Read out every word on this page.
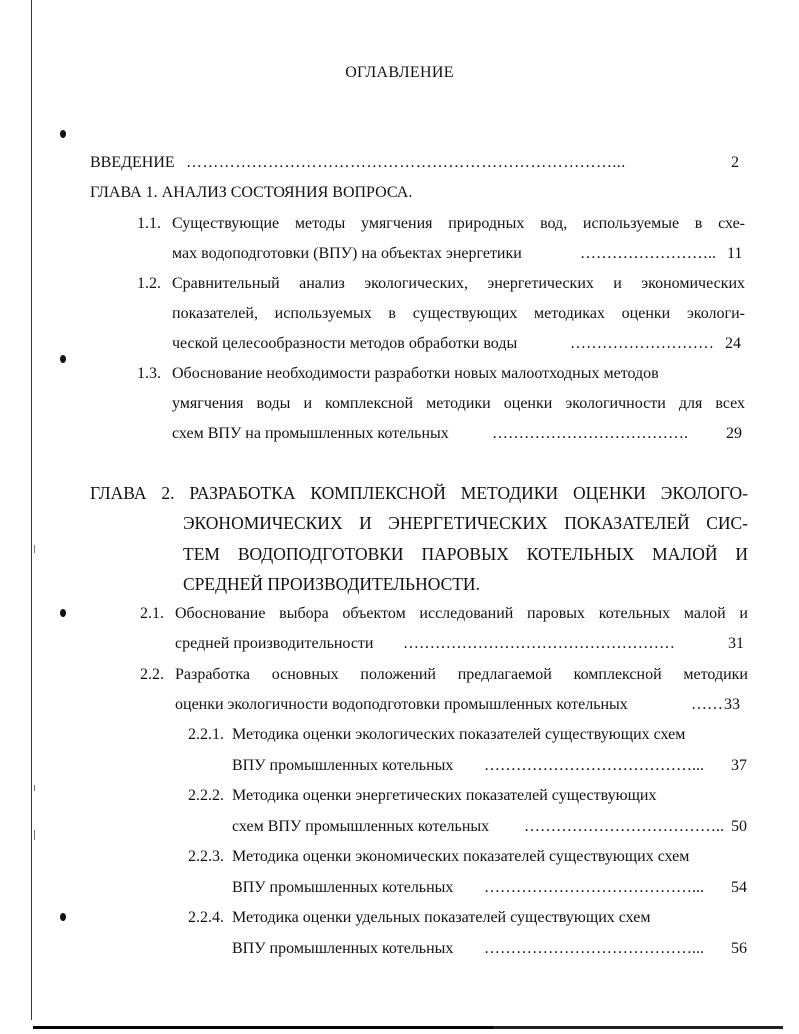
ОГЛАВЛЕНИЕ
ВВЕДЕНИЕ ……………………………………………………………………...	2
ГЛАВА 1. АНАЛИЗ СОСТОЯНИЯ ВОПРОСА.
1.1. Существующие методы умягчения природных вод, используемые в схе-
мах водоподготовки (ВПУ) на объектах энергетики	…………………….. 11
1.2. Сравнительный анализ экологических, энергетических и экономических
показателей, используемых в существующих методиках оценки экологи-
ческой целесообразности методов обработки воды	……………………… 24
1.3. Обоснование необходимости разработки новых малоотходных методов
умягчения воды и комплексной методики оценки экологичности для всех
схем ВПУ на промышленных котельных	………………………………. 29
ГЛАВА 2. РАЗРАБОТКА КОМПЛЕКСНОЙ МЕТОДИКИ ОЦЕНКИ ЭКОЛОГО-
ЭКОНОМИЧЕСКИХ И ЭНЕРГЕТИЧЕСКИХ ПОКАЗАТЕЛЕЙ СИС-
ТЕМ ВОДОПОДГОТОВКИ ПАРОВЫХ КОТЕЛЬНЫХ МАЛОЙ И
СРЕДНЕЙ ПРОИЗВОДИТЕЛЬНОСТИ.
2.1. Обоснование выбора объектом исследований паровых котельных малой и
средней производительности ……………………………………………	31
2.2. Разработка основных положений предлагаемой комплексной методики
оценки экологичности водоподготовки промышленных котельных	…… 33
2.2.1. Методика оценки экологических показателей существующих схем
ВПУ промышленных котельных …………………………………... 37
2.2.2. Методика оценки энергетических показателей существующих
схем ВПУ промышленных котельных ……………………………….. 50
2.2.3. Методика оценки экономических показателей существующих схем
ВПУ промышленных котельных …………………………………... 54
2.2.4. Методика оценки удельных показателей существующих схем
ВПУ промышленных котельных …………………………………... 56
